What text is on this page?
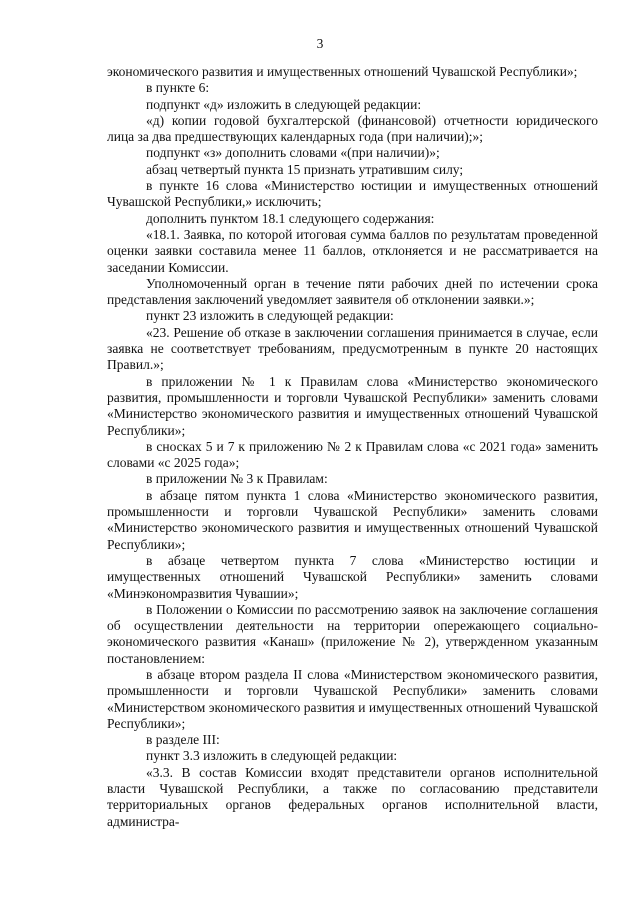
3

экономического развития и имущественных отношений Чувашской Республики»;

в пункте 6:

подпункт «д» изложить в следующей редакции:

«д) копии годовой бухгалтерской (финансовой) отчетности юридического лица за два предшествующих календарных года (при наличии);»;

подпункт «з» дополнить словами «(при наличии)»;

абзац четвертый пункта 15 признать утратившим силу;

в пункте 16 слова «Министерство юстиции и имущественных отношений Чувашской Республики,» исключить;

дополнить пунктом 18.1 следующего содержания:

«18.1. Заявка, по которой итоговая сумма баллов по результатам проведенной оценки заявки составила менее 11 баллов, отклоняется и не рассматривается на заседании Комиссии.

Уполномоченный орган в течение пяти рабочих дней по истечении срока представления заключений уведомляет заявителя об отклонении заявки.»;

пункт 23 изложить в следующей редакции:

«23. Решение об отказе в заключении соглашения принимается в случае, если заявка не соответствует требованиям, предусмотренным в пункте 20 настоящих Правил.»;

в приложении № 1 к Правилам слова «Министерство экономического развития, промышленности и торговли Чувашской Республики» заменить словами «Министерство экономического развития и имущественных отношений Чувашской Республики»;

в сносках 5 и 7 к приложению № 2 к Правилам слова «с 2021 года» заменить словами «с 2025 года»;

в приложении № 3 к Правилам:

в абзаце пятом пункта 1 слова «Министерство экономического развития, промышленности и торговли Чувашской Республики» заменить словами «Министерство экономического развития и имущественных отношений Чувашской Республики»;

в абзаце четвертом пункта 7 слова «Министерство юстиции и имущественных отношений Чувашской Республики» заменить словами «Минэкономразвития Чувашии»;

в Положении о Комиссии по рассмотрению заявок на заключение соглашения об осуществлении деятельности на территории опережающего социально-экономического развития «Канаш» (приложение № 2), утвержденном указанным постановлением:

в абзаце втором раздела II слова «Министерством экономического развития, промышленности и торговли Чувашской Республики» заменить словами «Министерством экономического развития и имущественных отношений Чувашской Республики»;

в разделе III:

пункт 3.3 изложить в следующей редакции:

«3.3. В состав Комиссии входят представители органов исполнительной власти Чувашской Республики, а также по согласованию представители территориальных органов федеральных органов исполнительной власти, администра-
